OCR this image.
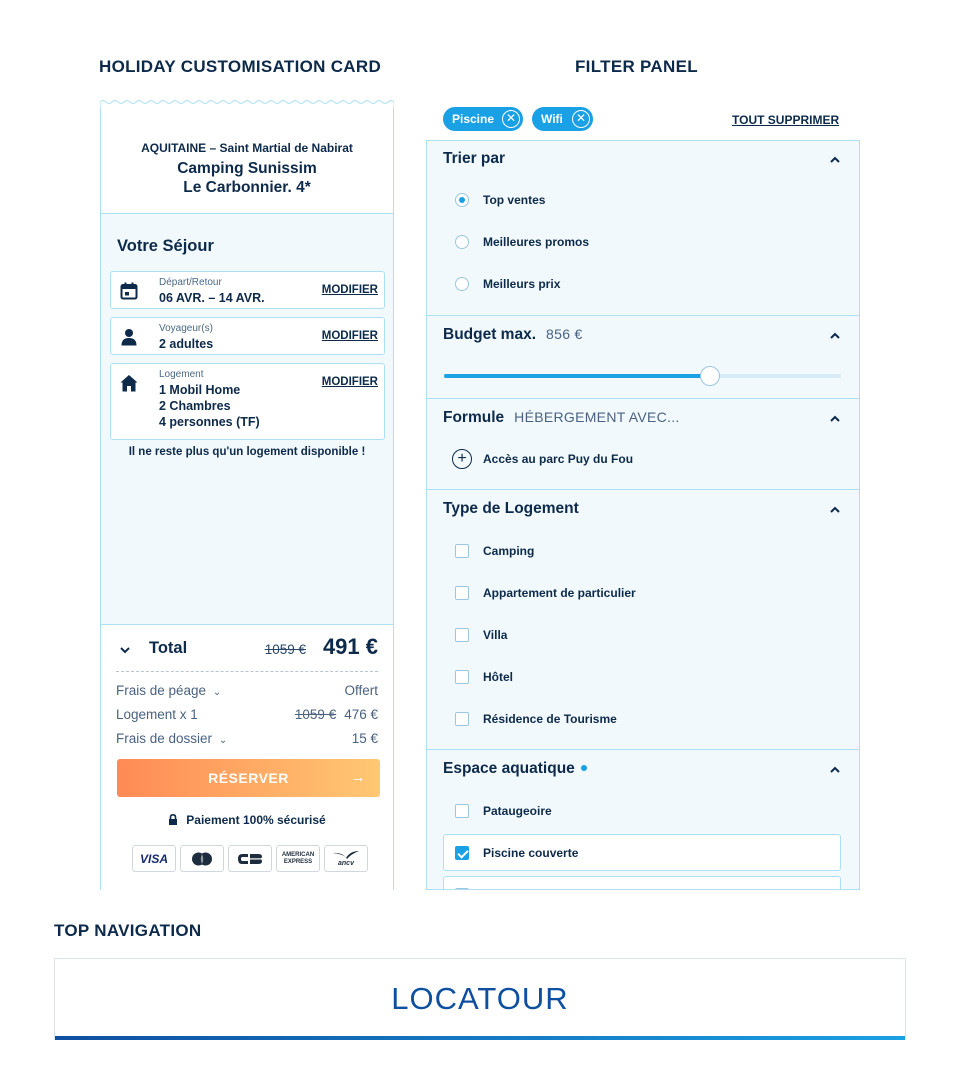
HOLIDAY CUSTOMISATION CARD	FILTER PANEL
TOP NAVIGATION
AQUITAINE – Saint Martial de Nabirat
Camping Sunissim
Le Carbonnier. 4*
Votre Séjour
Départ/Retour
06 AVR. – 14 AVR.
MODIFIER
Voyageur(s)
2 adultes
MODIFIER
Logement
1 Mobil Home
2 Chambres
4 personnes (TF)
MODIFIER
Il ne reste plus qu'un logement disponible !
Total	1059 € 491 €
Frais de péage ⌄	Offert
Logement x 1	1059 € 476 €
Frais de dossier ⌄	15 €
RÉSERVER	→
Paiement 100% sécurisé
VISA	AMERICAN
EXPRESS	ancv
Piscine ✕	Wifi	✕	TOUT SUPPRIMER
Trier par
Top ventes
Meilleures promos
Meilleurs prix
Budget max. 856 €
Formule HÉBERGEMENT AVEC...
+	Accès au parc Puy du Fou
Type de Logement
Camping
Appartement de particulier
Villa
Hôtel
Résidence de Tourisme
Espace aquatique
Pataugeoire
Piscine couverte
LOCATOUR
